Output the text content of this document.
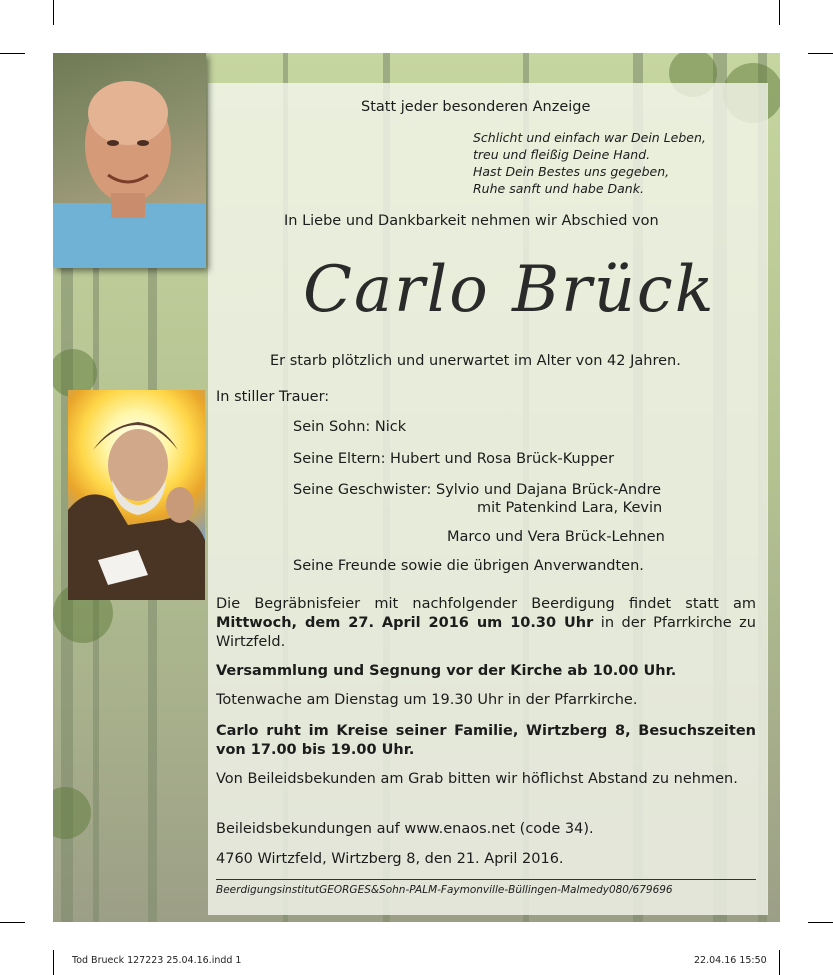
Statt jeder besonderen Anzeige
Schlicht und einfach war Dein Leben,
treu und fleißig Deine Hand.
Hast Dein Bestes uns gegeben,
Ruhe sanft und habe Dank.
In Liebe und Dankbarkeit nehmen wir Abschied von
Carlo Brück
Er starb plötzlich und unerwartet im Alter von 42 Jahren.
In stiller Trauer:
Sein Sohn: Nick
Seine Eltern: Hubert und Rosa Brück-Kupper
Seine Geschwister: Sylvio und Dajana Brück-Andre
mit Patenkind Lara, Kevin
Marco und Vera Brück-Lehnen
Seine Freunde sowie die übrigen Anverwandten.
Die Begräbnisfeier mit nachfolgender Beerdigung findet statt am Mittwoch, dem 27. April 2016 um 10.30 Uhr in der Pfarrkirche zu Wirtzfeld.
Versammlung und Segnung vor der Kirche ab 10.00 Uhr.
Totenwache am Dienstag um 19.30 Uhr in der Pfarrkirche.
Carlo ruht im Kreise seiner Familie, Wirtzberg 8, Besuchszeiten von 17.00 bis 19.00 Uhr.
Von Beileidsbekunden am Grab bitten wir höflichst Abstand zu nehmen.
Beileidsbekundungen auf www.enaos.net (code 34).
4760 Wirtzfeld, Wirtzberg 8, den 21. April 2016.
BeerdigungsinstitutGEORGES&Sohn-PALM-Faymonville-Büllingen-Malmedy080/679696
Tod Brueck 127223 25.04.16.indd 1	22.04.16 15:50
